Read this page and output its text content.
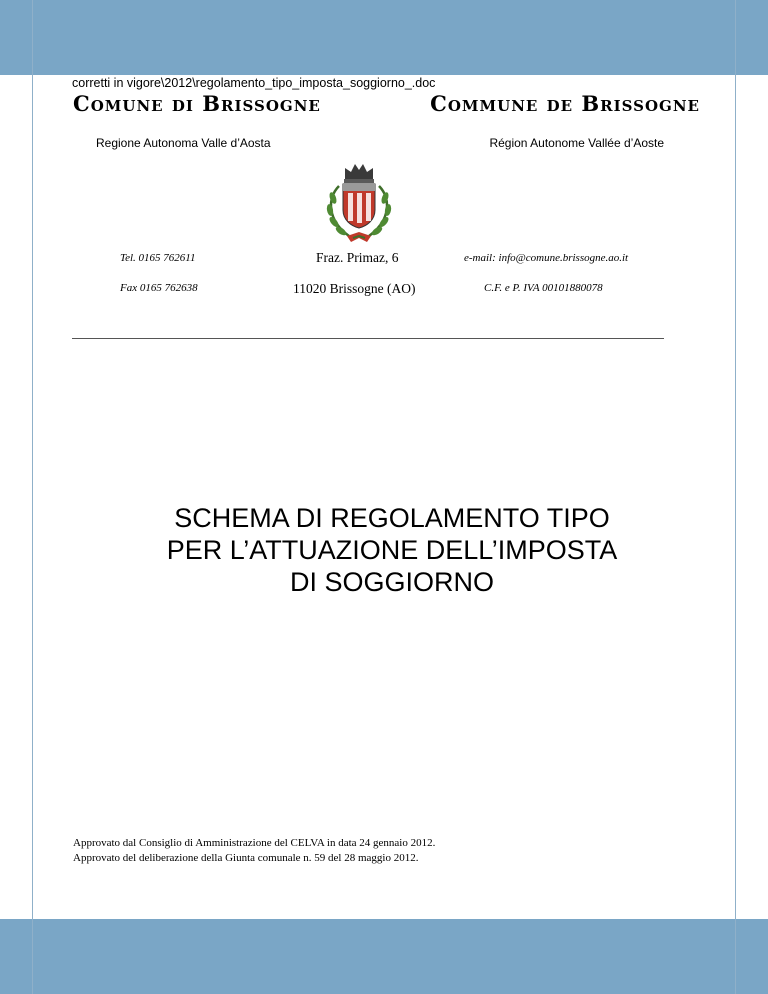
corretti in vigore\2012\regolamento_tipo_imposta_soggiorno_.doc
Comune di Brissogne	Commune de Brissogne
Regione Autonoma Valle d’Aosta	Région Autonome Vallée d’Aoste
Tel. 0165 762611
Fax 0165 762638
Fraz. Primaz, 6
11020 Brissogne (AO)
e-mail: info@comune.brissogne.ao.it
C.F. e P. IVA 00101880078
SCHEMA DI REGOLAMENTO TIPO
PER L’ATTUAZIONE DELL’IMPOSTA
DI SOGGIORNO
Approvato dal Consiglio di Amministrazione del CELVA in data 24 gennaio 2012.
Approvato del deliberazione della Giunta comunale n. 59 del 28 maggio 2012.
